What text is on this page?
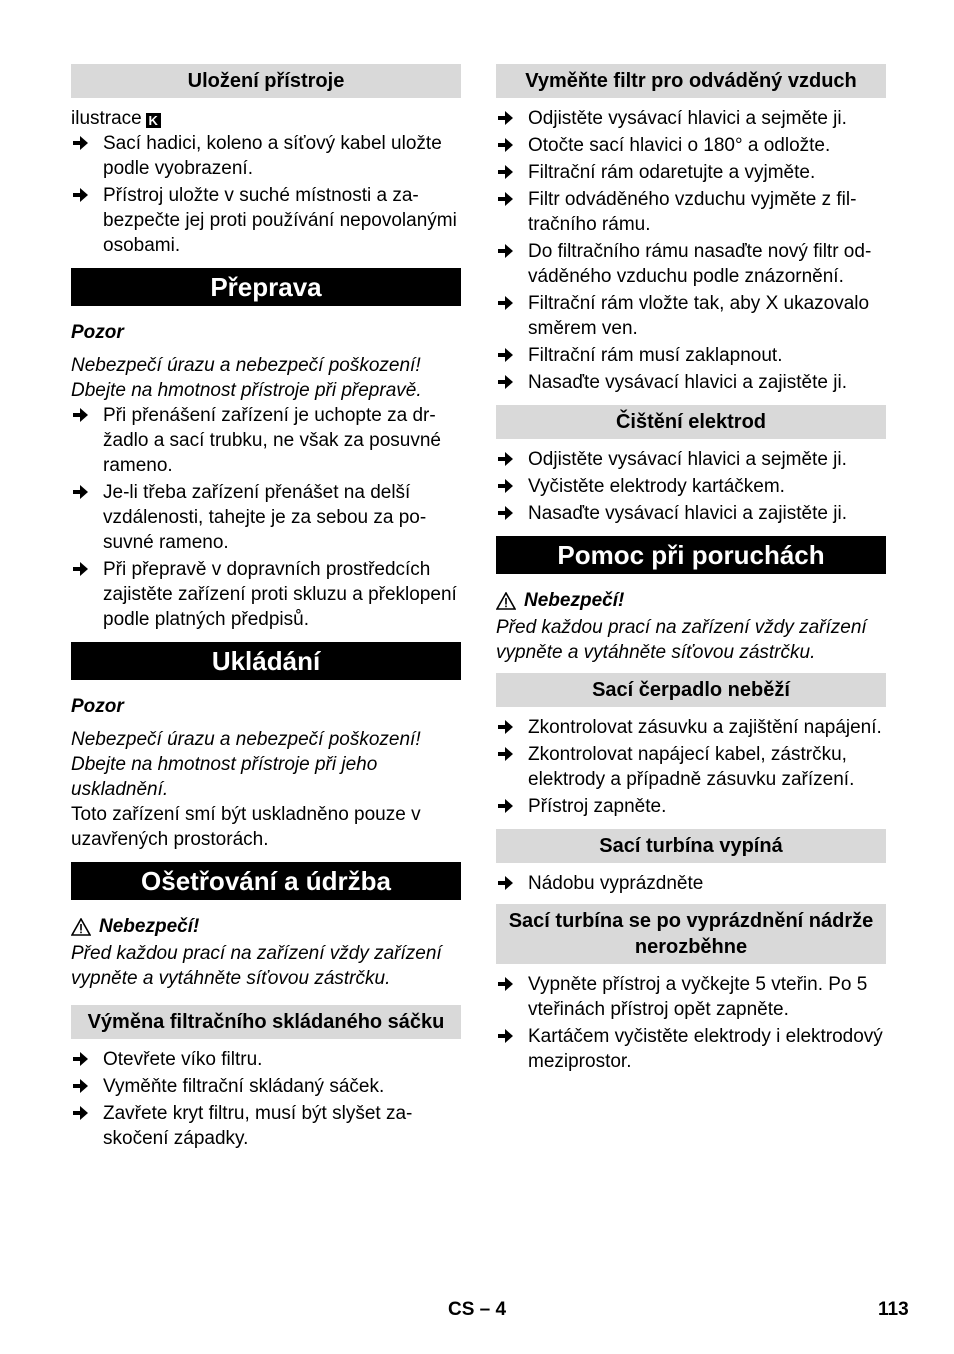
Uložení přístroje

ilustrace K

Sací hadici, koleno a síťový kabel uložte podle vyobrazení.
Přístroj uložte v suché místnosti a zabezpečte jej proti používání nepovolanými osobami.
Přeprava

Pozor

Nebezpečí úrazu a nebezpečí poškození! Dbejte na hmotnost přístroje při přepravě.

Při přenášení zařízení je uchopte za držadlo a sací trubku, ne však za posuvné rameno.
Je-li třeba zařízení přenášet na delší vzdálenosti, tahejte je za sebou za posuvné rameno.
Při přepravě v dopravních prostředcích zajistěte zařízení proti skluzu a překlopení podle platných předpisů.
Ukládání

Pozor

Nebezpečí úrazu a nebezpečí poškození! Dbejte na hmotnost přístroje při jeho uskladnění.

Toto zařízení smí být uskladněno pouze v uzavřených prostorách.

Ošetřování a údržba
Nebezpečí!

Před každou prací na zařízení vždy zařízení vypněte a vytáhněte síťovou zástrčku.

Výměna filtračního skládaného sáčku
Otevřete víko filtru.
Vyměňte filtrační skládaný sáček.
Zavřete kryt filtru, musí být slyšet zaskočení západky.
Vyměňte filtr pro odváděný vzduch
Odjistěte vysávací hlavici a sejměte ji.
Otočte sací hlavici o 180° a odložte.
Filtrační rám odaretujte a vyjměte.
Filtr odváděného vzduchu vyjměte z filtračního rámu.
Do filtračního rámu nasaďte nový filtr odváděného vzduchu podle znázornění.
Filtrační rám vložte tak, aby X ukazovalo směrem ven.
Filtrační rám musí zaklapnout.
Nasaďte vysávací hlavici a zajistěte ji.
Čištění elektrod
Odjistěte vysávací hlavici a sejměte ji.
Vyčistěte elektrody kartáčkem.
Nasaďte vysávací hlavici a zajistěte ji.
Pomoc při poruchách
Nebezpečí!

Před každou prací na zařízení vždy zařízení vypněte a vytáhněte síťovou zástrčku.

Sací čerpadlo neběží
Zkontrolovat zásuvku a zajištění napájení.
Zkontrolovat napájecí kabel, zástrčku, elektrody a případně zásuvku zařízení.
Přístroj zapněte.
Sací turbína vypíná
Nádobu vyprázdněte
Sací turbína se po vyprázdnění nádrže nerozběhne
Vypněte přístroj a vyčkejte 5 vteřin. Po 5 vteřinách přístroj opět zapněte.
Kartáčem vyčistěte elektrody i elektrodový meziprostor.
CS – 4	113
